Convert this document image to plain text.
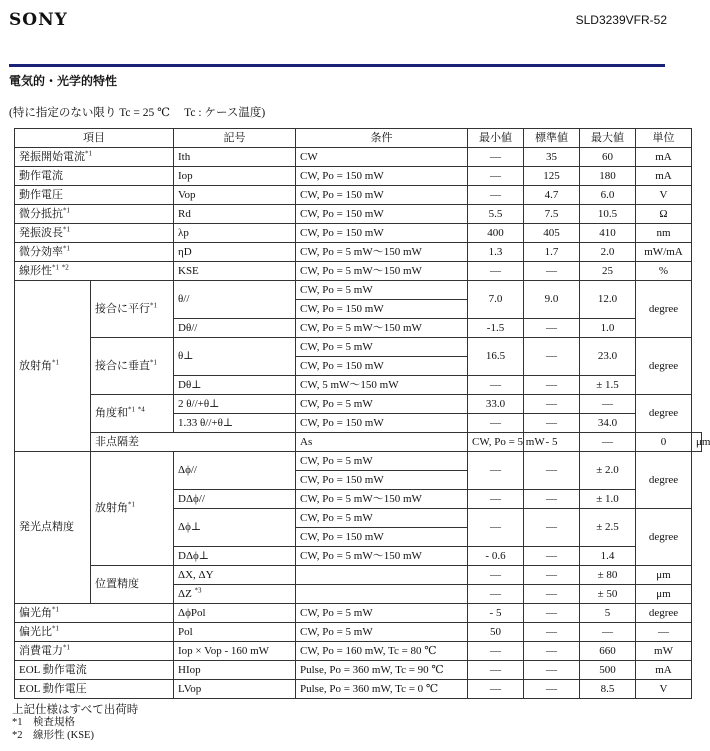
SONY	SLD3239VFR-52
電気的・光学的特性
(特に指定のない限り Tc = 25 ℃　 Tc : ケース温度)
項目		記号	条件	最小値	標準値	最大値	単位	
発振開始電流$^{*1}$		Ith	CW	—	35	60	mA	
動作電流		Iop	CW, Po = 150 mW	—	125	180	mA	
動作電圧		Vop	CW, Po = 150 mW	—	4.7	6.0	V	
微分抵抗$^{*1}$		Rd	CW, Po = 150 mW	5.5	7.5	10.5	Ω	
発振波長$^{*1}$		λp	CW, Po = 150 mW	400	405	410	nm	
微分効率$^{*1}$		ηD	CW, Po = 5 mW〜150 mW	1.3	1.7	2.0	mW/mA	
線形性$^{*1}$ $^{*2}$		KSE	CW, Po = 5 mW〜150 mW	—	—	25	%	
放射角$^{*1}$	接合に平行$^{*1}$	θ//	CW, Po = 5 mW	7.0	9.0	12.0	degree	
			CW, Po = 150 mW					
		Dθ//	CW, Po = 5 mW〜150 mW	-1.5	—	1.0		
	接合に垂直$^{*1}$	θ⊥	CW, Po = 5 mW	16.5	—	23.0	degree	
			CW, Po = 150 mW					
		Dθ⊥	CW, 5 mW〜150 mW	—	—	± 1.5		
	角度和$^{*1}$ $^{*4}$	2 θ//+θ⊥	CW, Po = 5 mW	33.0	—	—	degree	
		1.33 θ//+θ⊥	CW, Po = 150 mW	—	—	34.0		
	非点隔差		As	CW, Po = 5 mW	- 5	—	0	μm
発光点精度	放射角$^{*1}$	Δϕ//	CW, Po = 5 mW	—	—	± 2.0	degree	
			CW, Po = 150 mW					
		DΔϕ//	CW, Po = 5 mW〜150 mW	—	—	± 1.0		
		Δϕ⊥	CW, Po = 5 mW	—	—	± 2.5	degree	
			CW, Po = 150 mW					
		DΔϕ⊥	CW, Po = 5 mW〜150 mW	- 0.6	—	1.4		
	位置精度	ΔX, ΔY		—	—	± 80	μm	
		ΔZ $^{*3}$		—	—	± 50	μm	
偏光角$^{*1}$		ΔϕPol	CW, Po = 5 mW	- 5	—	5	degree	
偏光比$^{*1}$		Pol	CW, Po = 5 mW	50	—	—	—	
消費電力$^{*1}$		Iop × Vop - 160 mW	CW, Po = 160 mW, Tc = 80 ℃	—	—	660	mW	
EOL 動作電流		HIop	Pulse, Po = 360 mW, Tc = 90 ℃	—	—	500	mA	
EOL 動作電圧		LVop	Pulse, Po = 360 mW, Tc = 0 ℃	—	—	8.5	V	
上記仕様はすべて出荷時
*1　検査規格
*2　線形性 (KSE)
